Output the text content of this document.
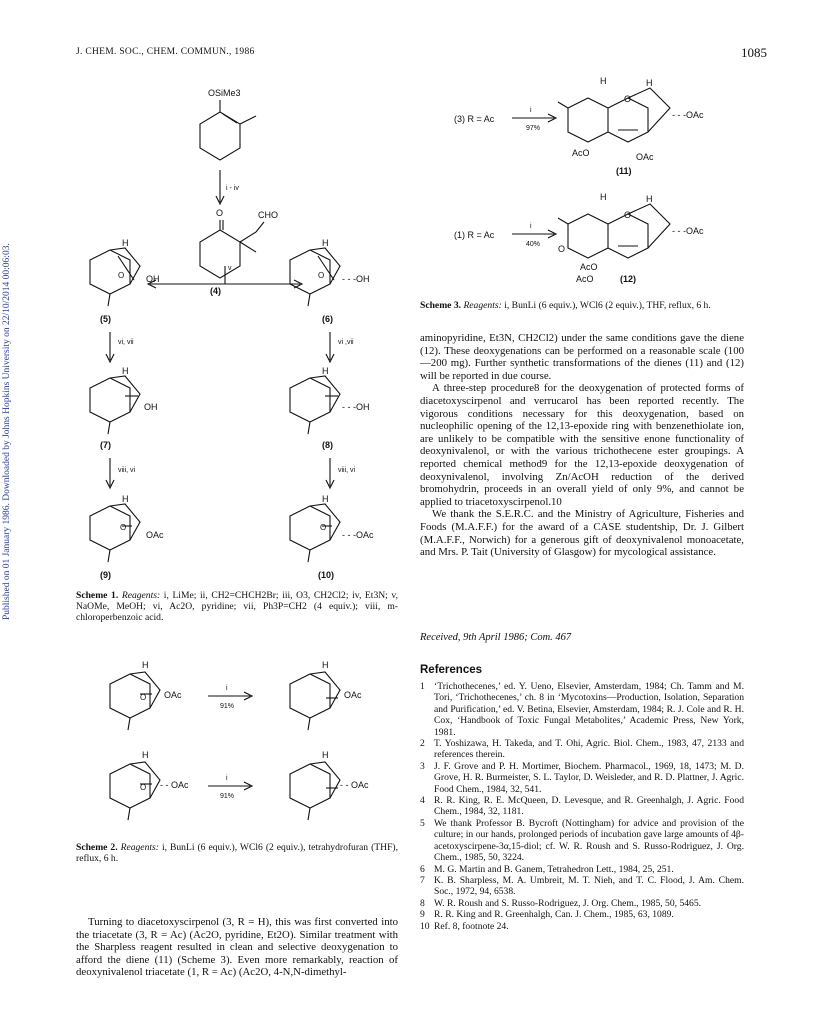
J. CHEM. SOC., CHEM. COMMUN., 1986	1085
Published on 01 January 1986. Downloaded by Johns Hopkins University on 22/10/2014 00:06:03.
OSiMe3
i - iv
O	CHO
(4)
v
H
OH
O
(5)
H
- - -OH
O
(6)
vi, vii	vi ,vii
H
OH
(7)
H
- - -OH
(8)
viii, vi	viii, vi
H
O
OAc
(9)
H
O
- - -OAc
(10)
Scheme 1. Reagents: i, LiMe; ii, CH2=CHCH2Br; iii, O3, CH2Cl2; iv, Et3N; v, NaOMe, MeOH; vi, Ac2O, pyridine; vii, Ph3P=CH2 (4 equiv.); viii, m-chloroperbenzoic acid.
H
O OAc
i
91%
H
OAc
H
O - - OAc
i
91%
H
- - OAc
Scheme 2. Reagents: i, BunLi (6 equiv.), WCl6 (2 equiv.), tetrahydrofuran (THF), reflux, 6 h.

Turning to diacetoxyscirpenol (3, R = H), this was first converted into the triacetate (3, R = Ac) (Ac2O, pyridine, Et2O). Similar treatment with the Sharpless reagent resulted in clean and selective deoxygenation to afford the diene (11) (Scheme 3). Even more remarkably, reaction of deoxynivalenol triacetate (1, R = Ac) (Ac2O, 4-N,N-dimethyl-

(3) R = Ac
i
97%
H	H
O
- - -OAc
AcO	OAc
(11)
(1) R = Ac
i
40%
H	H
O
- - -OAc
O
AcO
AcO	(12)
Scheme 3. Reagents: i, BunLi (6 equiv.), WCl6 (2 equiv.), THF, reflux, 6 h.

aminopyridine, Et3N, CH2Cl2) under the same conditions gave the diene (12). These deoxygenations can be performed on a reasonable scale (100—200 mg). Further synthetic transformations of the dienes (11) and (12) will be reported in due course.

A three-step procedure8 for the deoxygenation of protected forms of diacetoxyscirpenol and verrucarol has been reported recently. The vigorous conditions necessary for this deoxygenation, based on nucleophilic opening of the 12,13-epoxide ring with benzenethiolate ion, are unlikely to be compatible with the sensitive enone functionality of deoxynivalenol, or with the various trichothecene ester groupings. A reported chemical method9 for the 12,13-epoxide deoxygenation of deoxynivalenol, involving Zn/AcOH reduction of the derived bromohydrin, proceeds in an overall yield of only 9%, and cannot be applied to triacetoxyscirpenol.10

We thank the S.E.R.C. and the Ministry of Agriculture, Fisheries and Foods (M.A.F.F.) for the award of a CASE studentship, Dr. J. Gilbert (M.A.F.F., Norwich) for a generous gift of deoxynivalenol monoacetate, and Mrs. P. Tait (University of Glasgow) for mycological assistance.

Received, 9th April 1986; Com. 467
References
1 ‘Trichothecenes,’ ed. Y. Ueno, Elsevier, Amsterdam, 1984; Ch. Tamm and M. Tori, ‘Trichothecenes,’ ch. 8 in ‘Mycotoxins—Production, Isolation, Separation and Purification,’ ed. V. Betina, Elsevier, Amsterdam, 1984; R. J. Cole and R. H. Cox, ‘Handbook of Toxic Fungal Metabolites,’ Academic Press, New York, 1981.
2 T. Yoshizawa, H. Takeda, and T. Ohi, Agric. Biol. Chem., 1983, 47, 2133 and references therein.
3 J. F. Grove and P. H. Mortimer, Biochem. Pharmacol., 1969, 18, 1473; M. D. Grove, H. R. Burmeister, S. L. Taylor, D. Weisleder, and R. D. Plattner, J. Agric. Food Chem., 1984, 32, 541.
4 R. R. King, R. E. McQueen, D. Levesque, and R. Greenhalgh, J. Agric. Food Chem., 1984, 32, 1181.
5 We thank Professor B. Bycroft (Nottingham) for advice and provision of the culture; in our hands, prolonged periods of incubation gave large amounts of 4β-acetoxyscirpene-3α,15-diol; cf. W. R. Roush and S. Russo-Rodriguez, J. Org. Chem., 1985, 50, 3224.
6 M. G. Martin and B. Ganem, Tetrahedron Lett., 1984, 25, 251.
7 K. B. Sharpless, M. A. Umbreit, M. T. Nieh, and T. C. Flood, J. Am. Chem. Soc., 1972, 94, 6538.
8 W. R. Roush and S. Russo-Rodriguez, J. Org. Chem., 1985, 50, 5465.
9 R. R. King and R. Greenhalgh, Can. J. Chem., 1985, 63, 1089.
10 Ref. 8, footnote 24.
